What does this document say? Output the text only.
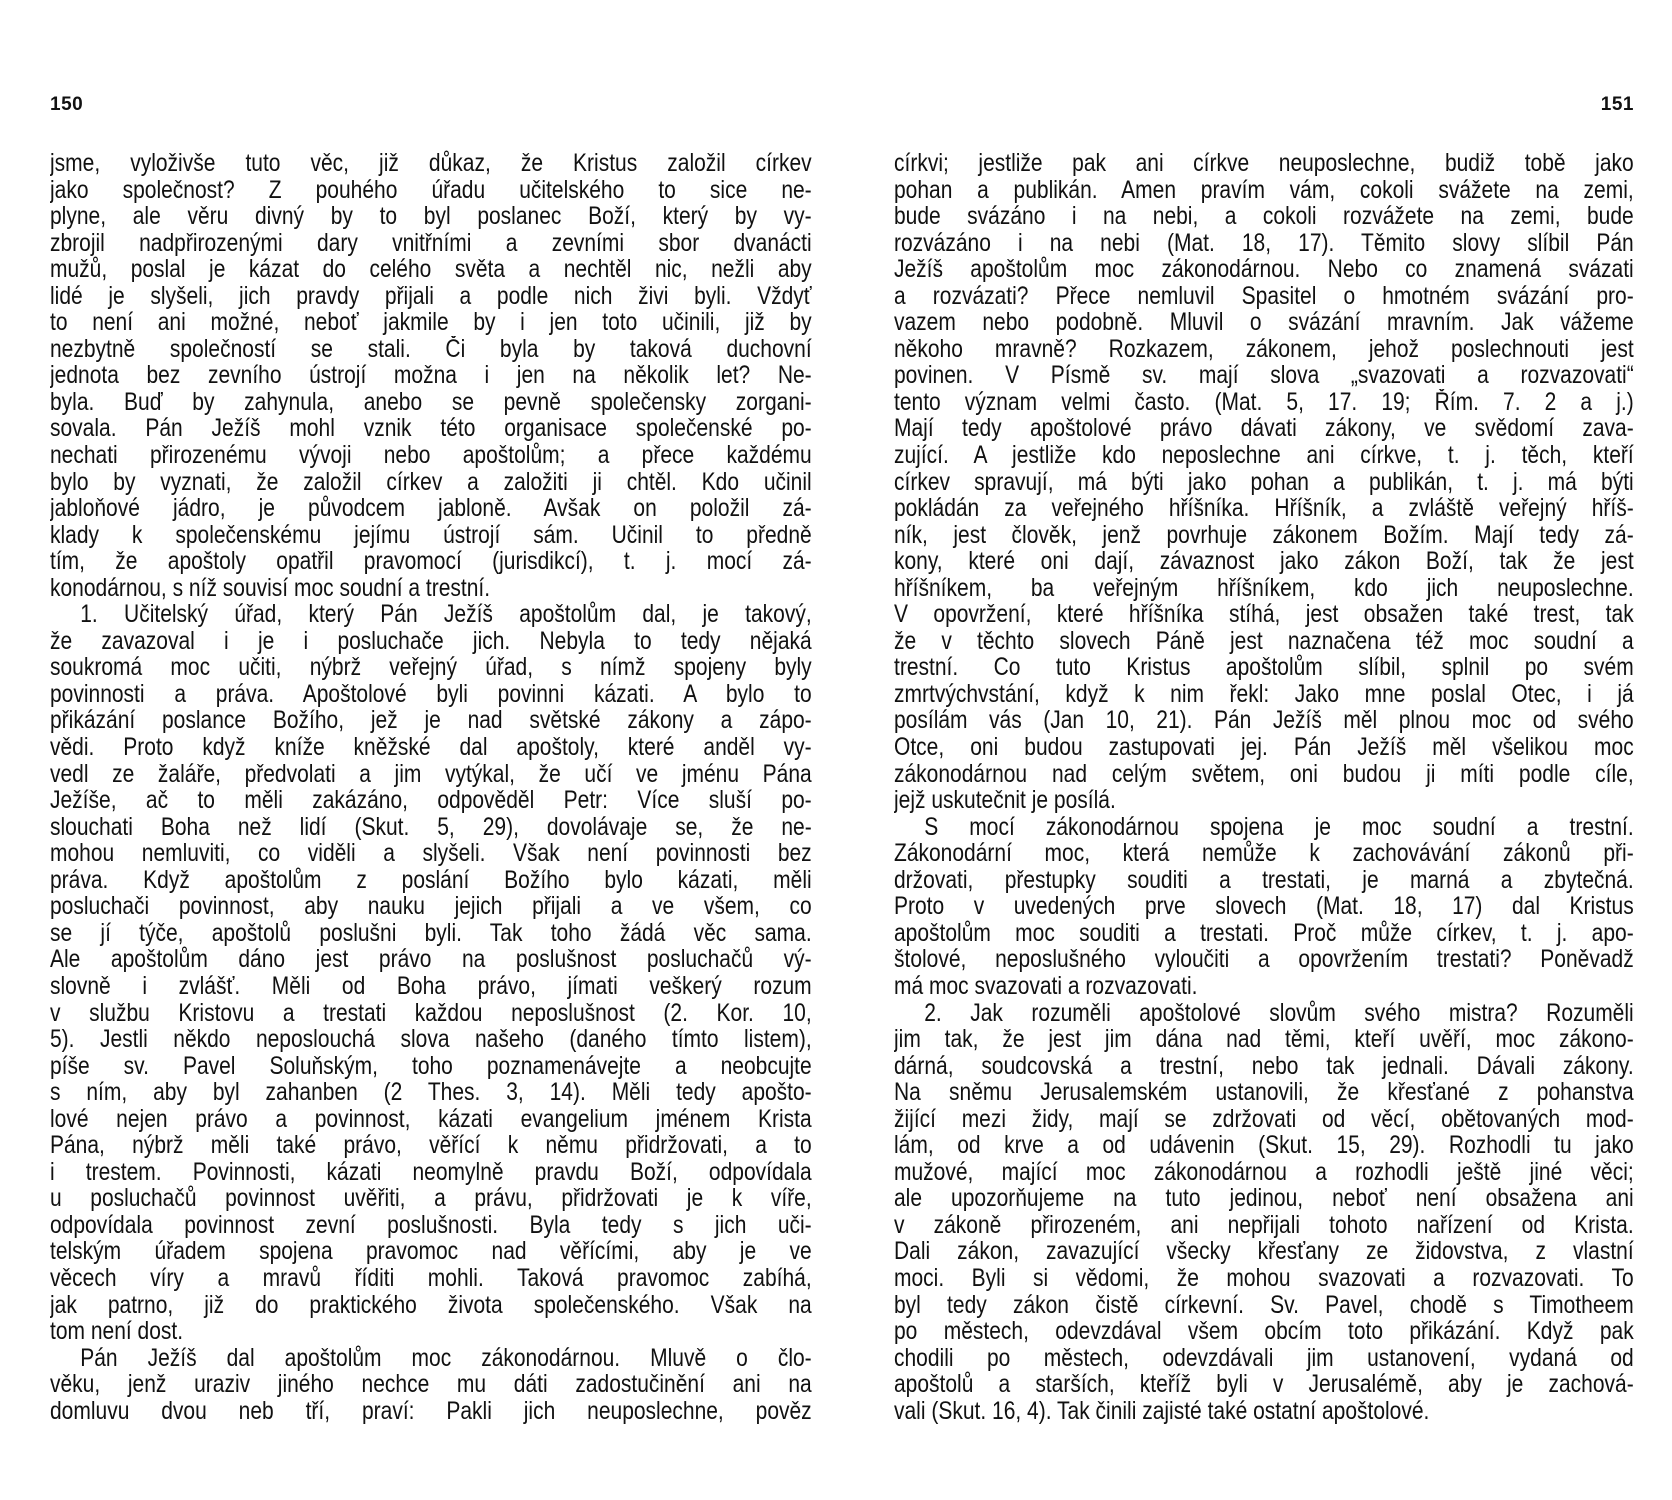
150
jsme, vyloživše tuto věc, již důkaz, že Kristus založil církev
jako společnost? Z pouhého úřadu učitelského to sice ne-
plyne, ale věru divný by to byl poslanec Boží, který by vy-
zbrojil nadpřirozenými dary vnitřními a zevními sbor dvanácti
mužů, poslal je kázat do celého světa a nechtěl nic, nežli aby
lidé je slyšeli, jich pravdy přijali a podle nich živi byli. Vždyť
to není ani možné, neboť jakmile by i jen toto učinili, již by
nezbytně společností se stali. Či byla by taková duchovní
jednota bez zevního ústrojí možna i jen na několik let? Ne-
byla. Buď by zahynula, anebo se pevně společensky zorgani-
sovala. Pán Ježíš mohl vznik této organisace společenské po-
nechati přirozenému vývoji nebo apoštolům; a přece každému
bylo by vyznati, že založil církev a založiti ji chtěl. Kdo učinil
jabloňové jádro, je původcem jabloně. Avšak on položil zá-
klady k společenskému jejímu ústrojí sám. Učinil to předně
tím, že apoštoly opatřil pravomocí (jurisdikcí), t. j. mocí zá-
konodárnou, s níž souvisí moc soudní a trestní.
1. Učitelský úřad, který Pán Ježíš apoštolům dal, je takový,
že zavazoval i je i posluchače jich. Nebyla to tedy nějaká
soukromá moc učiti, nýbrž veřejný úřad, s nímž spojeny byly
povinnosti a práva. Apoštolové byli povinni kázati. A bylo to
přikázání poslance Božího, jež je nad světské zákony a zápo-
vědi. Proto když kníže kněžské dal apoštoly, které anděl vy-
vedl ze žaláře, předvolati a jim vytýkal, že učí ve jménu Pána
Ježíše, ač to měli zakázáno, odpověděl Petr: Více sluší po-
slouchati Boha než lidí (Skut. 5, 29), dovolávaje se, že ne-
mohou nemluviti, co viděli a slyšeli. Však není povinnosti bez
práva. Když apoštolům z poslání Božího bylo kázati, měli
posluchači povinnost, aby nauku jejich přijali a ve všem, co
se jí týče, apoštolů poslušni byli. Tak toho žádá věc sama.
Ale apoštolům dáno jest právo na poslušnost posluchačů vý-
slovně i zvlášť. Měli od Boha právo, jímati veškerý rozum
v službu Kristovu a trestati každou neposlušnost (2. Kor. 10,
5). Jestli někdo neposlouchá slova našeho (daného tímto listem),
píše sv. Pavel Soluňským, toho poznamenávejte a neobcujte
s ním, aby byl zahanben (2 Thes. 3, 14). Měli tedy apošto-
lové nejen právo a povinnost, kázati evangelium jménem Krista
Pána, nýbrž měli také právo, věřící k němu přidržovati, a to
i trestem. Povinnosti, kázati neomylně pravdu Boží, odpovídala
u posluchačů povinnost uvěřiti, a právu, přidržovati je k víře,
odpovídala povinnost zevní poslušnosti. Byla tedy s jich uči-
telským úřadem spojena pravomoc nad věřícími, aby je ve
věcech víry a mravů říditi mohli. Taková pravomoc zabíhá,
jak patrno, již do praktického života společenského. Však na
tom není dost.
Pán Ježíš dal apoštolům moc zákonodárnou. Mluvě o člo-
věku, jenž uraziv jiného nechce mu dáti zadostučinění ani na
domluvu dvou neb tří, praví: Pakli jich neuposlechne, pověz
151
církvi; jestliže pak ani církve neuposlechne, budiž tobě jako
pohan a publikán. Amen pravím vám, cokoli svážete na zemi,
bude svázáno i na nebi, a cokoli rozvážete na zemi, bude
rozvázáno i na nebi (Mat. 18, 17). Těmito slovy slíbil Pán
Ježíš apoštolům moc zákonodárnou. Nebo co znamená svázati
a rozvázati? Přece nemluvil Spasitel o hmotném svázání pro-
vazem nebo podobně. Mluvil o svázání mravním. Jak vážeme
někoho mravně? Rozkazem, zákonem, jehož poslechnouti jest
povinen. V Písmě sv. mají slova „svazovati a rozvazovati“
tento význam velmi často. (Mat. 5, 17. 19; Řím. 7. 2 a j.)
Mají tedy apoštolové právo dávati zákony, ve svědomí zava-
zující. A jestliže kdo neposlechne ani církve, t. j. těch, kteří
církev spravují, má býti jako pohan a publikán, t. j. má býti
pokládán za veřejného hříšníka. Hříšník, a zvláště veřejný hříš-
ník, jest člověk, jenž povrhuje zákonem Božím. Mají tedy zá-
kony, které oni dají, závaznost jako zákon Boží, tak že jest
hříšníkem, ba veřejným hříšníkem, kdo jich neuposlechne.
V opovržení, které hříšníka stíhá, jest obsažen také trest, tak
že v těchto slovech Páně jest naznačena též moc soudní a
trestní. Co tuto Kristus apoštolům slíbil, splnil po svém
zmrtvýchvstání, když k nim řekl: Jako mne poslal Otec, i já
posílám vás (Jan 10, 21). Pán Ježíš měl plnou moc od svého
Otce, oni budou zastupovati jej. Pán Ježíš měl všelikou moc
zákonodárnou nad celým světem, oni budou ji míti podle cíle,
jejž uskutečnit je posílá.
S mocí zákonodárnou spojena je moc soudní a trestní.
Zákonodární moc, která nemůže k zachovávání zákonů při-
držovati, přestupky souditi a trestati, je marná a zbytečná.
Proto v uvedených prve slovech (Mat. 18, 17) dal Kristus
apoštolům moc souditi a trestati. Proč může církev, t. j. apo-
štolové, neposlušného vyloučiti a opovržením trestati? Poněvadž
má moc svazovati a rozvazovati.
2. Jak rozuměli apoštolové slovům svého mistra? Rozuměli
jim tak, že jest jim dána nad těmi, kteří uvěří, moc zákono-
dárná, soudcovská a trestní, nebo tak jednali. Dávali zákony.
Na sněmu Jerusalemském ustanovili, že křesťané z pohanstva
žijící mezi židy, mají se zdržovati od věcí, obětovaných mod-
lám, od krve a od udávenin (Skut. 15, 29). Rozhodli tu jako
mužové, mající moc zákonodárnou a rozhodli ještě jiné věci;
ale upozorňujeme na tuto jedinou, neboť není obsažena ani
v zákoně přirozeném, ani nepřijali tohoto nařízení od Krista.
Dali zákon, zavazující všecky křesťany ze židovstva, z vlastní
moci. Byli si vědomi, že mohou svazovati a rozvazovati. To
byl tedy zákon čistě církevní. Sv. Pavel, chodě s Timotheem
po městech, odevzdával všem obcím toto přikázání. Když pak
chodili po městech, odevzdávali jim ustanovení, vydaná od
apoštolů a starších, kteříž byli v Jerusalémě, aby je zachová-
vali (Skut. 16, 4). Tak činili zajisté také ostatní apoštolové.
